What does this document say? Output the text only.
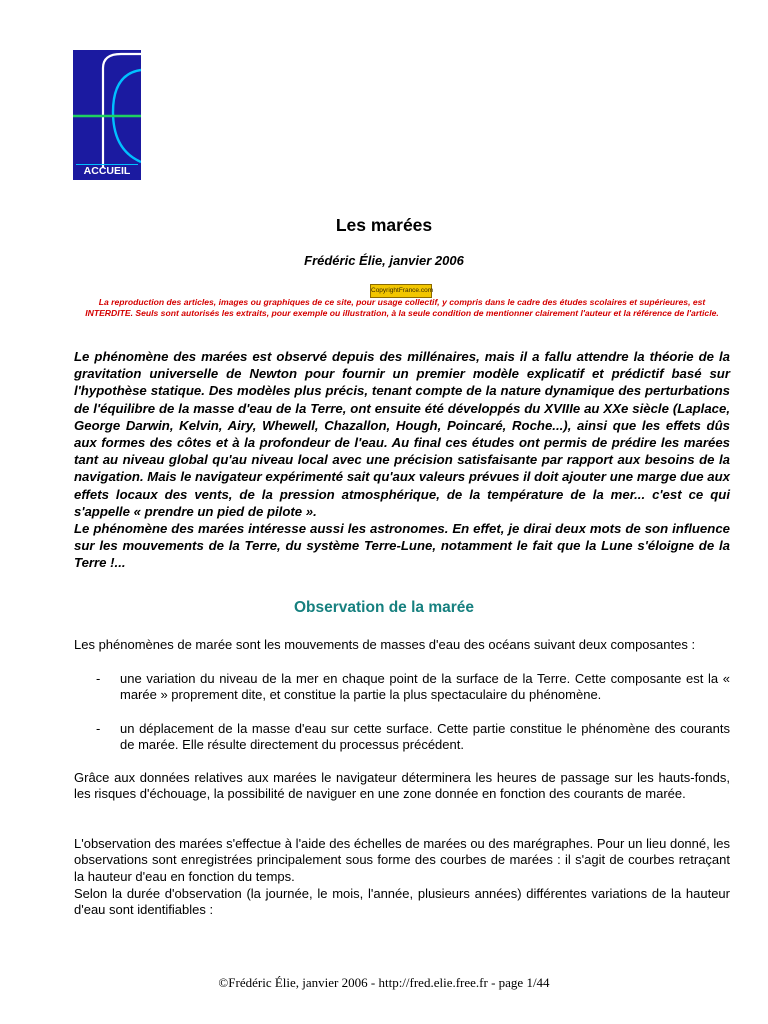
ACCUEIL
Les marées
Frédéric Élie, janvier 2006
CopyrightFrance.com
La reproduction des articles, images ou graphiques de ce site, pour usage collectif, y compris dans le cadre des études scolaires et supérieures, est INTERDITE. Seuls sont autorisés les extraits, pour exemple ou illustration, à la seule condition de mentionner clairement l'auteur et la référence de l'article.
Le phénomène des marées est observé depuis des millénaires, mais il a fallu attendre la théorie de la gravitation universelle de Newton pour fournir un premier modèle explicatif et prédictif basé sur l'hypothèse statique. Des modèles plus précis, tenant compte de la nature dynamique des perturbations de l'équilibre de la masse d'eau de la Terre, ont ensuite été développés du XVIIIe au XXe siècle (Laplace, George Darwin, Kelvin, Airy, Whewell, Chazallon, Hough, Poincaré, Roche...), ainsi que les effets dûs aux formes des côtes et à la profondeur de l'eau. Au final ces études ont permis de prédire les marées tant au niveau global qu'au niveau local avec une précision satisfaisante par rapport aux besoins de la navigation. Mais le navigateur expérimenté sait qu'aux valeurs prévues il doit ajouter une marge due aux effets locaux des vents, de la pression atmosphérique, de la température de la mer... c'est ce qui s'appelle « prendre un pied de pilote ».
Le phénomène des marées intéresse aussi les astronomes. En effet, je dirai deux mots de son influence sur les mouvements de la Terre, du système Terre-Lune, notamment le fait que la Lune s'éloigne de la Terre !...
Observation de la marée

Les phénomènes de marée sont les mouvements de masses d'eau des océans suivant deux composantes :

- une variation du niveau de la mer en chaque point de la surface de la Terre. Cette composante est la « marée » proprement dite, et constitue la partie la plus spectaculaire du phénomène.
- un déplacement de la masse d'eau sur cette surface. Cette partie constitue le phénomène des courants de marée. Elle résulte directement du processus précédent.

Grâce aux données relatives aux marées le navigateur déterminera les heures de passage sur les hauts-fonds, les risques d'échouage, la possibilité de naviguer en une zone donnée en fonction des courants de marée.

L'observation des marées s'effectue à l'aide des échelles de marées ou des marégraphes. Pour un lieu donné, les observations sont enregistrées principalement sous forme des courbes de marées : il s'agit de courbes retraçant la hauteur d'eau en fonction du temps.

Selon la durée d'observation (la journée, le mois, l'année, plusieurs années) différentes variations de la hauteur d'eau sont identifiables :

©Frédéric Élie, janvier 2006 - http://fred.elie.free.fr - page 1/44
